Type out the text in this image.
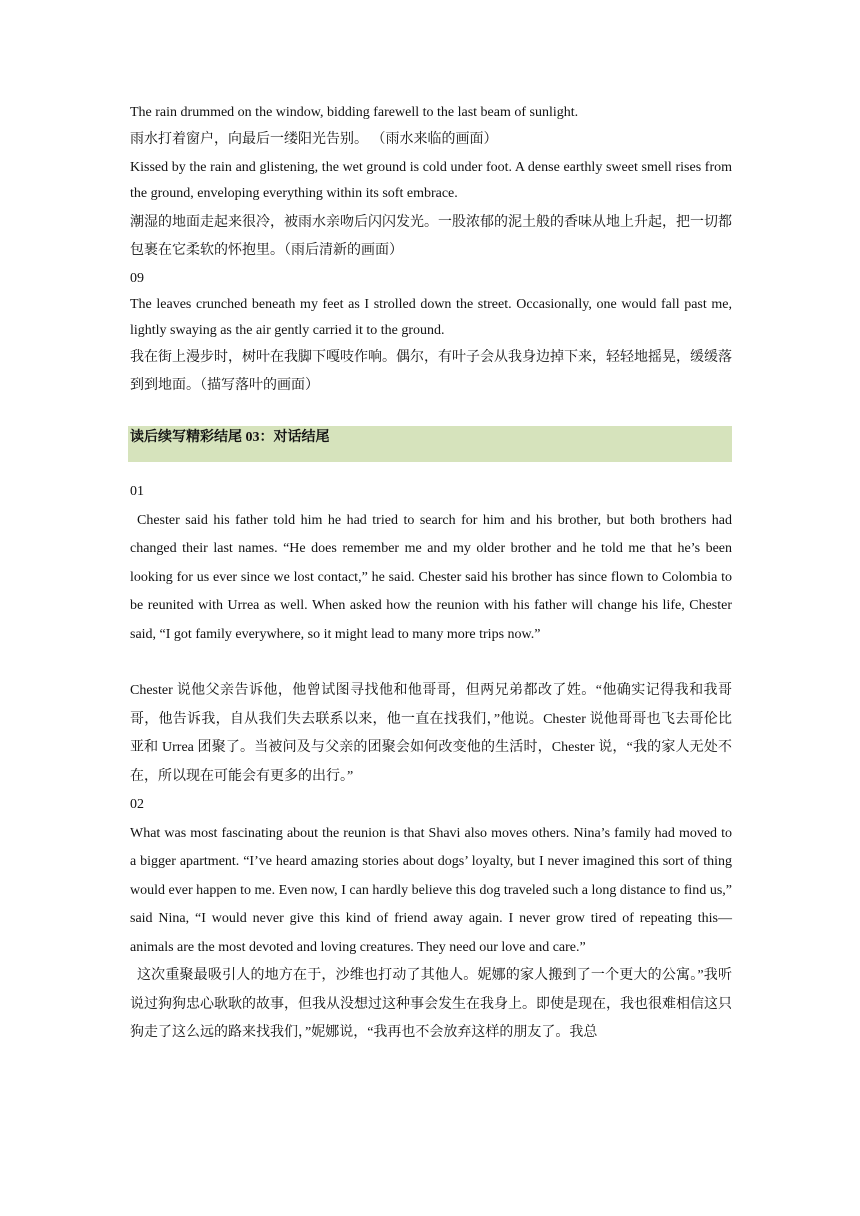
The rain drummed on the window, bidding farewell to the last beam of sunlight.

雨水打着窗户，向最后一缕阳光告别。 （雨水来临的画面）

Kissed by the rain and glistening, the wet ground is cold under foot. A dense earthly sweet smell rises from the ground, enveloping everything within its soft embrace.

潮湿的地面走起来很冷，被雨水亲吻后闪闪发光。一股浓郁的泥土般的香味从地上升起，把一切都包裹在它柔软的怀抱里。（雨后清新的画面）

09

The leaves crunched beneath my feet as I strolled down the street. Occasionally, one would fall past me, lightly swaying as the air gently carried it to the ground.

我在街上漫步时，树叶在我脚下嘎吱作响。偶尔，有叶子会从我身边掉下来，轻轻地摇晃，缓缓落到到地面。（描写落叶的画面）

读后续写精彩结尾 03：对话结尾

01

Chester said his father told him he had tried to search for him and his brother, but both brothers had changed their last names. “He does remember me and my older brother and he told me that he’s been looking for us ever since we lost contact,” he said. Chester said his brother has since flown to Colombia to be reunited with Urrea as well. When asked how the reunion with his father will change his life, Chester said, “I got family everywhere, so it might lead to many more trips now.”

Chester 说他父亲告诉他，他曾试图寻找他和他哥哥，但两兄弟都改了姓。“他确实记得我和我哥哥，他告诉我，自从我们失去联系以来，他一直在找我们，”他说。Chester 说他哥哥也飞去哥伦比亚和 Urrea 团聚了。当被问及与父亲的团聚会如何改变他的生活时，Chester 说，“我的家人无处不在，所以现在可能会有更多的出行。”

02

What was most fascinating about the reunion is that Shavi also moves others. Nina’s family had moved to a bigger apartment. “I’ve heard amazing stories about dogs’ loyalty, but I never imagined this sort of thing would ever happen to me. Even now, I can hardly believe this dog traveled such a long distance to find us,” said Nina, “I would never give this kind of friend away again. I never grow tired of repeating this—animals are the most devoted and loving creatures. They need our love and care.”

这次重聚最吸引人的地方在于，沙维也打动了其他人。妮娜的家人搬到了一个更大的公寓。”我听说过狗狗忠心耿耿的故事，但我从没想过这种事会发生在我身上。即使是现在，我也很难相信这只狗走了这么远的路来找我们，”妮娜说，“我再也不会放弃这样的朋友了。我总
